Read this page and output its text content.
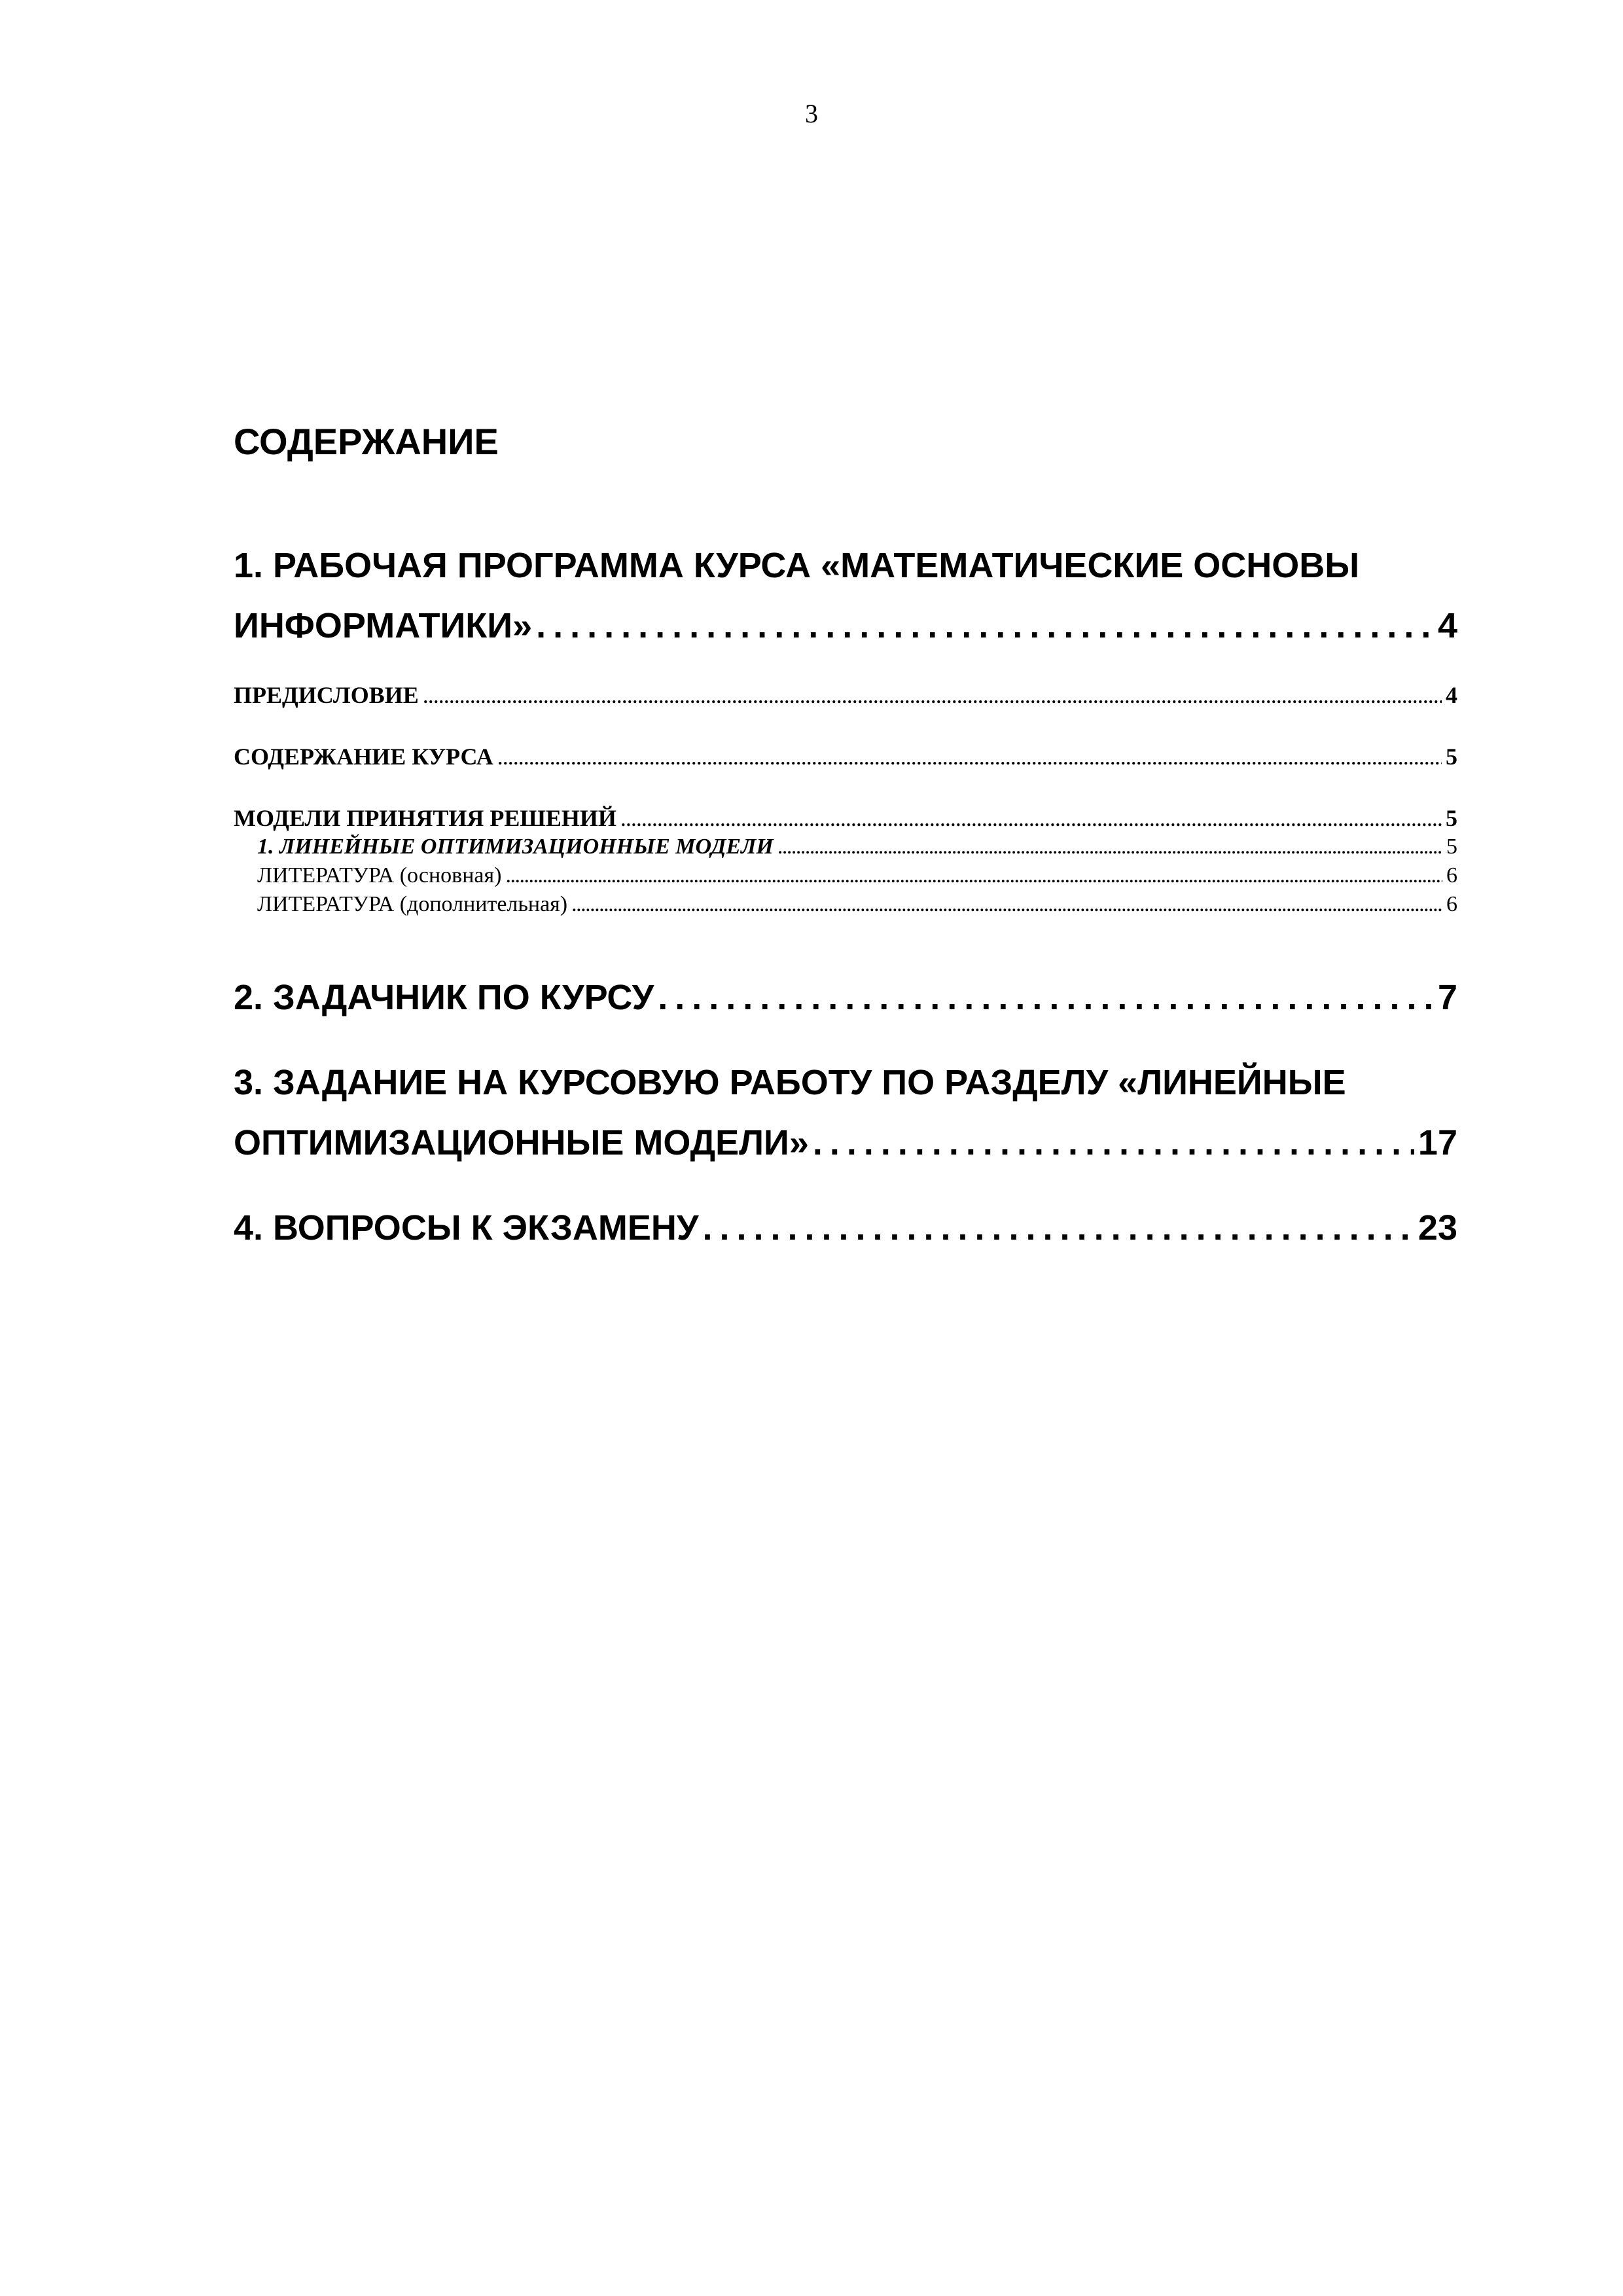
3
СОДЕРЖАНИЕ
1. РАБОЧАЯ ПРОГРАММА КУРСА «МАТЕМАТИЧЕСКИЕ ОСНОВЫ
ИНФОРМАТИКИ» . . .	4
ПРЕДИСЛОВИЕ . . .	4
СОДЕРЖАНИЕ КУРСА . . .	5
МОДЕЛИ ПРИНЯТИЯ РЕШЕНИЙ . . .	5
1. ЛИНЕЙНЫЕ ОПТИМИЗАЦИОННЫЕ МОДЕЛИ . . .	5
ЛИТЕРАТУРА (основная) . . .	6
ЛИТЕРАТУРА (дополнительная) . . .	6
2. ЗАДАЧНИК ПО КУРСУ . . .	7
3. ЗАДАНИЕ НА КУРСОВУЮ РАБОТУ ПО РАЗДЕЛУ «ЛИНЕЙНЫЕ
ОПТИМИЗАЦИОННЫЕ МОДЕЛИ» . . .	17
4. ВОПРОСЫ К ЭКЗАМЕНУ . . .	23
